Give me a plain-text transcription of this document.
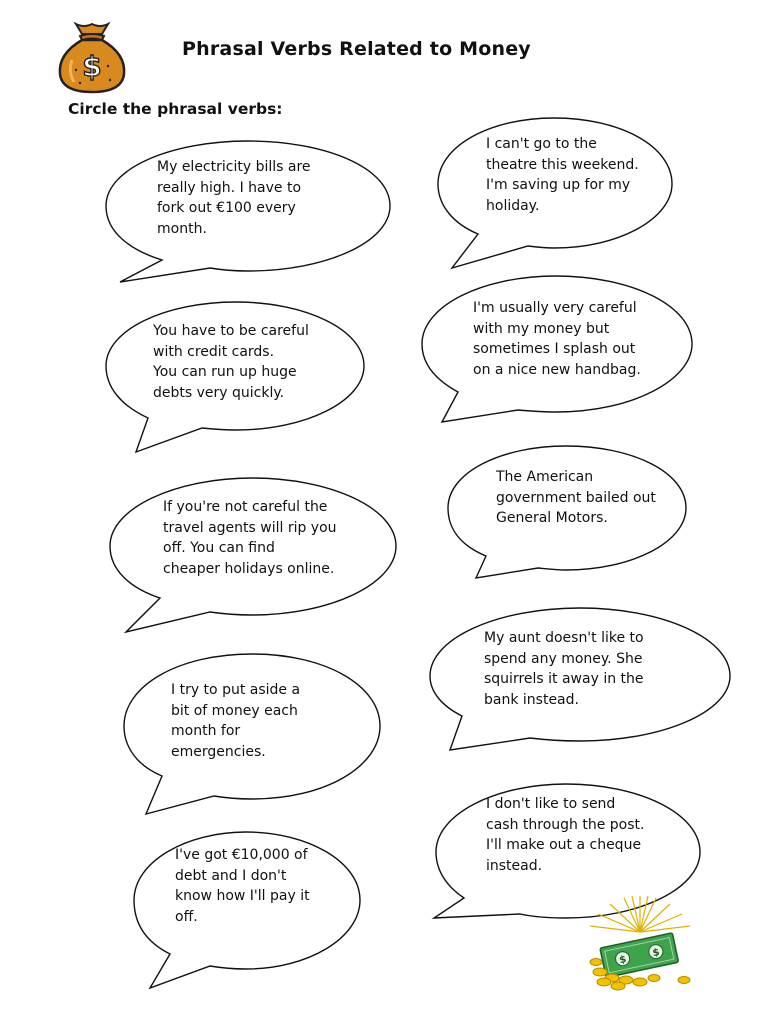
$
Phrasal Verbs Related to Money
Circle the phrasal verbs:
My electricity bills are
really high. I have to
fork out €100 every
month.
I can't go to the
theatre this weekend.
I'm saving up for my
holiday.
You have to be careful
with credit cards.
You can run up huge
debts very quickly.
I'm usually very careful
with my money but
sometimes I splash out
on a nice new handbag.
If you're not careful the
travel agents will rip you
off. You can find
cheaper holidays online.
The American
government bailed out
General Motors.
I try to put aside a
bit of money each
month for
emergencies.
My aunt doesn't like to
spend any money. She
squirrels it away in the
bank instead.
I've got €10,000 of
debt and I don't
know how I'll pay it
off.
I don't like to send
cash through the post.
I'll make out a cheque
instead.
$
$
